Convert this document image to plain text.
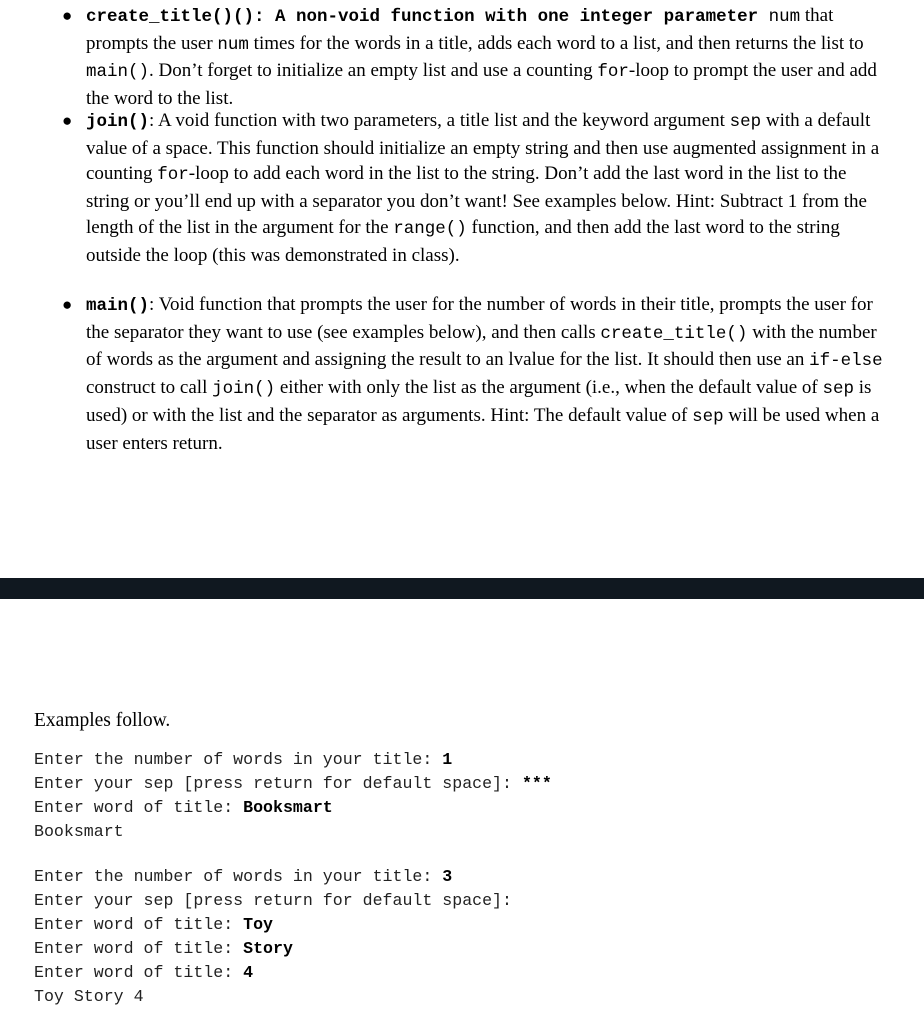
● create_title()(): A non-void function with one integer parameter num that prompts the user num times for the words in a title, adds each word to a list, and then returns the list to main(). Don’t forget to initialize an empty list and use a counting for-loop to prompt the user and add the word to the list.
● join(): A void function with two parameters, a title list and the keyword argument sep with a default value of a space. This function should initialize an empty string and then use augmented assignment in a counting for-loop to add each word in the list to the string. Don’t add the last word in the list to the string or you’ll end up with a separator you don’t want! See examples below. Hint: Subtract 1 from the length of the list in the argument for the range() function, and then add the last word to the string outside the loop (this was demonstrated in class).
● main(): Void function that prompts the user for the number of words in their title, prompts the user for the separator they want to use (see examples below), and then calls create_title() with the number of words as the argument and assigning the result to an lvalue for the list. It should then use an if-else construct to call join() either with only the list as the argument (i.e., when the default value of sep is used) or with the list and the separator as arguments. Hint: The default value of sep will be used when a user enters return.
Examples follow.
Enter the number of words in your title: 1
Enter your sep [press return for default space]: ***
Enter word of title: Booksmart
Booksmart
Enter the number of words in your title: 3
Enter your sep [press return for default space]:
Enter word of title: Toy
Enter word of title: Story
Enter word of title: 4
Toy Story 4
